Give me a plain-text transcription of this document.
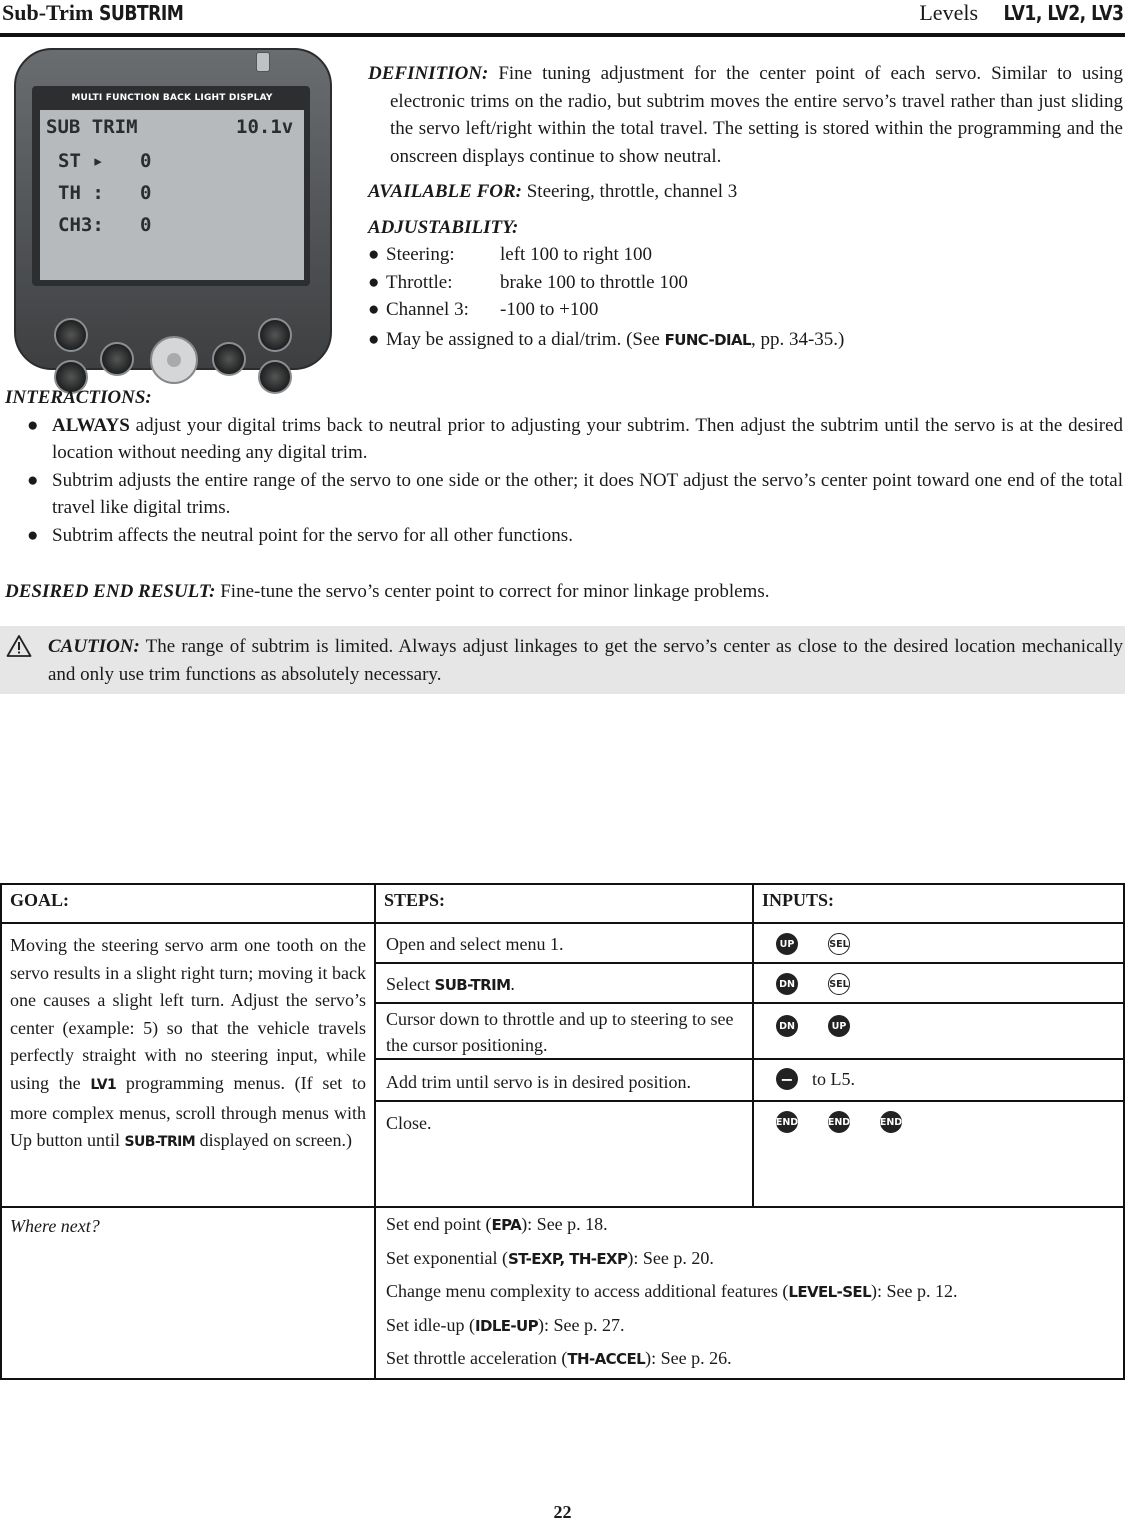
Sub-Trim SUBTRIM	Levels LV1, LV2, LV3
MULTI FUNCTION BACK LIGHT DISPLAY
SUB TRIM	10.1v
ST ▸ 0
TH : 0
CH3: 0

DEFINITION: Fine tuning adjustment for the center point of each servo. Similar to using electronic trims on the radio, but subtrim moves the entire servo’s travel rather than just sliding the servo left/right within the total travel. The setting is stored within the programming and the onscreen displays continue to show neutral.

AVAILABLE FOR: Steering, throttle, channel 3

ADJUSTABILITY:

● Steering: left 100 to right 100
● Throttle:	brake 100 to throttle 100
● Channel 3: -100 to +100
● May be assigned to a dial/trim. (See FUNC-DIAL, pp. 34-35.)
INTERACTIONS:
● ALWAYS adjust your digital trims back to neutral prior to adjusting your subtrim. Then adjust the subtrim until the servo is at the desired location without needing any digital trim.
● Subtrim adjusts the entire range of the servo to one side or the other; it does NOT adjust the servo’s center point toward one end of the total travel like digital trims.
● Subtrim affects the neutral point for the servo for all other functions.
DESIRED END RESULT: Fine-tune the servo’s center point to correct for minor linkage problems.
CAUTION: The range of subtrim is limited. Always adjust linkages to get the servo’s center as close to the desired location mechanically and only use trim functions as absolutely necessary.
GOAL:	STEPS:	INPUTS:
Moving the steering servo arm one tooth on the servo results in a slight right turn; moving it back one causes a slight left turn. Adjust the servo’s center (example: 5) so that the vehicle travels perfectly straight with no steering input, while using the LV1 programming menus. (If set to more complex menus, scroll through menus with Up button until SUB-TRIM displayed on screen.)	Open and select menu 1.	UP SEL

	Select SUB-TRIM.	DN SEL

	Cursor down to throttle and up to steering to see the cursor positioning.	DN UP

	Add trim until servo is in desired position.	− to L5.

	Close.	END END END

Where next?	Set end point (EPA): See p. 18.
Set exponential (ST-EXP, TH-EXP): See p. 20.
Change menu complexity to access additional features (LEVEL-SEL): See p. 12.
Set idle-up (IDLE-UP): See p. 27.
Set throttle acceleration (TH-ACCEL): See p. 26.	
22
